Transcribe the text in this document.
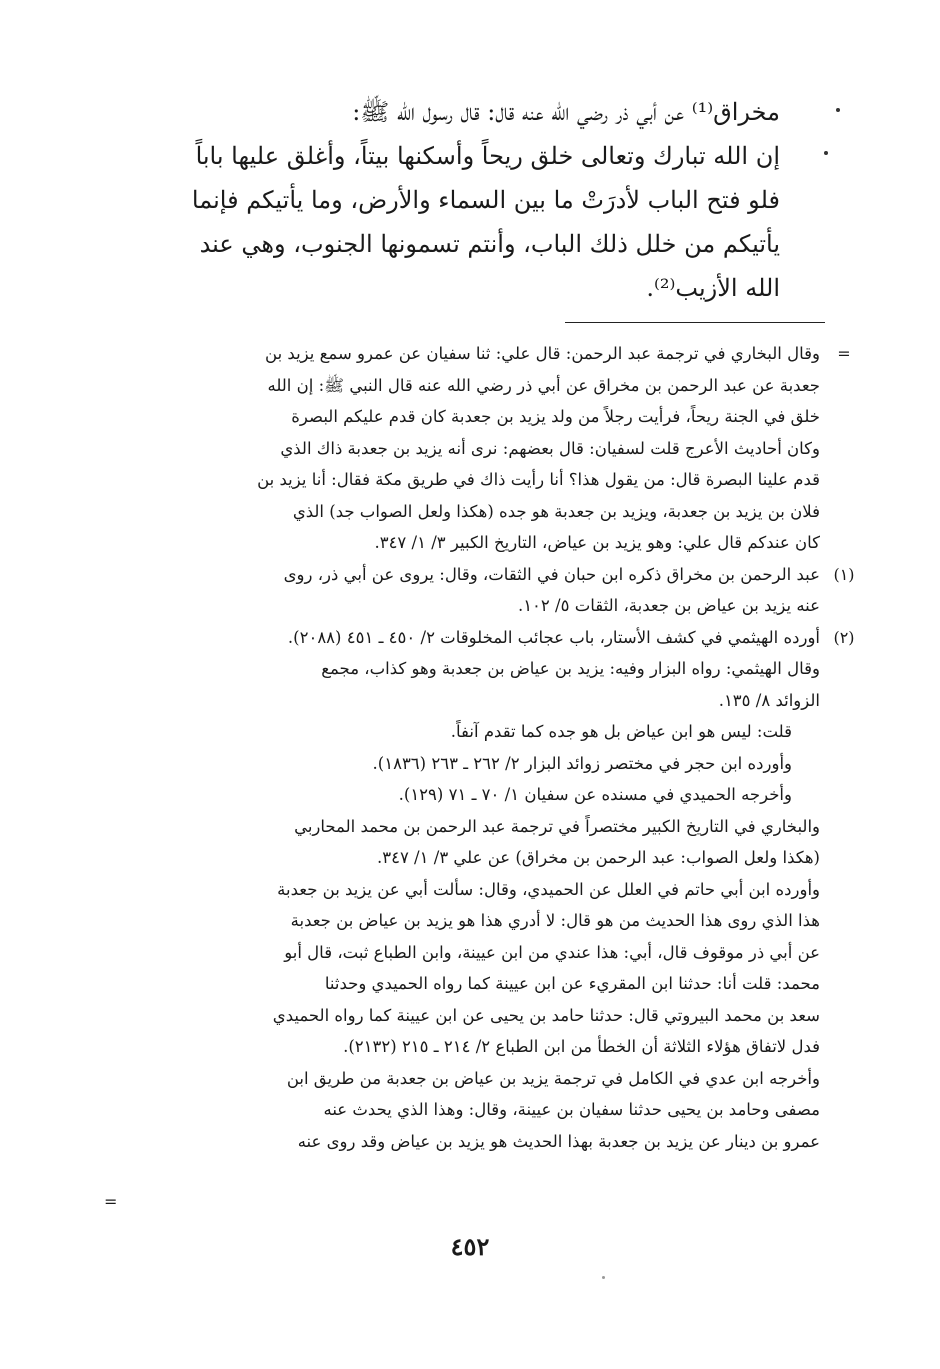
مخراق⁽¹⁾ عن أبي ذر رضي الله عنه قال: قال رسول الله ﷺ:
إن الله تبارك وتعالى خلق ريحاً وأسكنها بيتاً، وأغلق عليها باباً
فلو فتح الباب لأدرَتْ ما بين السماء والأرض، وما يأتيكم فإنما
يأتيكم من خلل ذلك الباب، وأنتم تسمونها الجنوب، وهي عند
الله الأزيب⁽²⁾.
=
وقال البخاري في ترجمة عبد الرحمن: قال علي: ثنا سفيان عن عمرو سمع يزيد بن
جعدبة عن عبد الرحمن بن مخراق عن أبي ذر رضي الله عنه قال النبي ﷺ: إن الله
خلق في الجنة ريحاً، فرأيت رجلاً من ولد يزيد بن جعدبة كان قدم عليكم البصرة
وكان أحاديث الأعرج قلت لسفيان: قال بعضهم: نرى أنه يزيد بن جعدبة ذاك الذي
قدم علينا البصرة قال: من يقول هذا؟ أنا رأيت ذاك في طريق مكة فقال: أنا يزيد بن
فلان بن يزيد بن جعدبة، ويزيد بن جعدبة هو جده (هكذا ولعل الصواب جد) الذي
كان عندكم قال علي: وهو يزيد بن عياض، التاريخ الكبير ٣/ ١/ ٣٤٧.
(١)
عبد الرحمن بن مخراق ذكره ابن حبان في الثقات، وقال: يروى عن أبي ذر، روى
عنه يزيد بن عياض بن جعدبة، الثقات ٥/ ١٠٢.
(٢)
أورده الهيثمي في كشف الأستار، باب عجائب المخلوقات ٢/ ٤٥٠ ـ ٤٥١ (٢٠٨٨).
وقال الهيثمي: رواه البزار وفيه: يزيد بن عياض بن جعدبة وهو كذاب، مجمع
الزوائد ٨/ ١٣٥.
قلت: ليس هو ابن عياض بل هو جده كما تقدم آنفاً.
وأورده ابن حجر في مختصر زوائد البزار ٢/ ٢٦٢ ـ ٢٦٣ (١٨٣٦).
وأخرجه الحميدي في مسنده عن سفيان ١/ ٧٠ ـ ٧١ (١٢٩).
والبخاري في التاريخ الكبير مختصراً في ترجمة عبد الرحمن بن محمد المحاربي
(هكذا ولعل الصواب: عبد الرحمن بن مخراق) عن علي ٣/ ١/ ٣٤٧.
وأورده ابن أبي حاتم في العلل عن الحميدي، وقال: سألت أبي عن يزيد بن جعدبة
هذا الذي روى هذا الحديث من هو قال: لا أدري هذا هو يزيد بن عياض بن جعدبة
عن أبي ذر موقوف قال، أبي: هذا عندي من ابن عيينة، وابن الطباع ثبت، قال أبو
محمد: قلت أنا: حدثنا ابن المقريء عن ابن عيينة كما رواه الحميدي وحدثنا
سعد بن محمد البيروتي قال: حدثنا حامد بن يحيى عن ابن عيينة كما رواه الحميدي
فدل لاتفاق هؤلاء الثلاثة أن الخطأ من ابن الطباع ٢/ ٢١٤ ـ ٢١٥ (٢١٣٢).
وأخرجه ابن عدي في الكامل في ترجمة يزيد بن عياض بن جعدبة من طريق ابن
مصفى وحامد بن يحيى حدثنا سفيان بن عيينة، وقال: وهذا الذي يحدث عنه
عمرو بن دينار عن يزيد بن جعدبة بهذا الحديث هو يزيد بن عياض وقد روى عنه
=
٤٥٢
